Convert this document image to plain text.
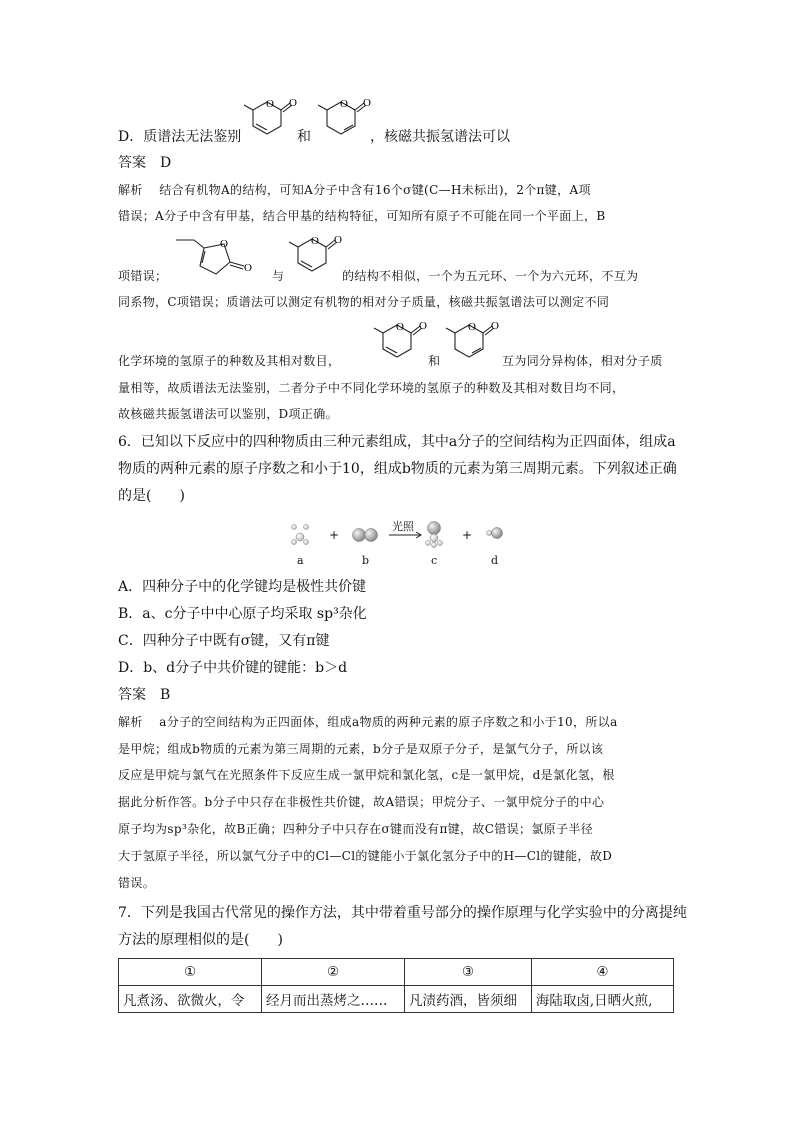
D．质谱法无法鉴别
O O
和
O O
，核磁共振氢谱法可以
答案　D
解析　 结合有机物A的结构，可知A分子中含有16个σ键(C—H未标出)，2个π键，A项
错误；A分子中含有甲基，结合甲基的结构特征，可知所有原子不可能在同一个平面上，B
项错误；
O
O
与
O O
的结构不相似，一个为五元环、一个为六元环，不互为
同系物，C项错误；质谱法可以测定有机物的相对分子质量，核磁共振氢谱法可以测定不同
化学环境的氢原子的种数及其相对数目，
O O
和
O O
互为同分异构体，相对分子质
量相等，故质谱法无法鉴别，二者分子中不同化学环境的氢原子的种数及其相对数目均不同，
故核磁共振氢谱法可以鉴别，D项正确。
6．已知以下反应中的四种物质由三种元素组成，其中a分子的空间结构为正四面体，组成a
物质的两种元素的原子序数之和小于10，组成b物质的元素为第三周期元素。下列叙述正确
的是(　　)
+
光照
+
a	b	c	d
A．四种分子中的化学键均是极性共价键
B．a、c分子中中心原子均采取 sp³杂化
C．四种分子中既有σ键，又有π键
D．b、d分子中共价键的键能：b＞d
答案　B
解析　 a分子的空间结构为正四面体，组成a物质的两种元素的原子序数之和小于10，所以a
是甲烷；组成b物质的元素为第三周期的元素，b分子是双原子分子，是氯气分子，所以该
反应是甲烷与氯气在光照条件下反应生成一氯甲烷和氯化氢，c是一氯甲烷，d是氯化氢，根
据此分析作答。b分子中只存在非极性共价键，故A错误；甲烷分子、一氯甲烷分子的中心
原子均为sp³杂化，故B正确；四种分子中只存在σ键而没有π键，故C错误；氯原子半径
大于氢原子半径，所以氯气分子中的Cl—Cl的键能小于氯化氢分子中的H—Cl的键能，故D
错误。
7．下列是我国古代常见的操作方法，其中带着重号部分的操作原理与化学实验中的分离提纯
方法的原理相似的是(　　)
①	②	③	④
凡煮汤、欲微火，令	经月而出蒸烤之……	凡渍药酒，皆须细	海陆取卤,日晒火煎,
